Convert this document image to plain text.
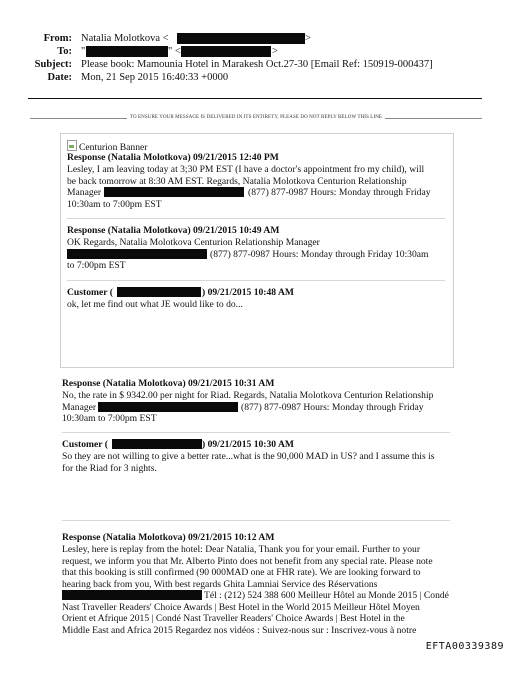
From: Natalia Molotkova <	>
To: "	" <	>
Subject: Please book: Mamounia Hotel in Marakesh Oct.27-30 [Email Ref: 150919-000437]
Date: Mon, 21 Sep 2015 16:40:33 +0000
TO ENSURE YOUR MESSAGE IS DELIVERED IN ITS ENTIRETY, PLEASE DO NOT REPLY BELOW THIS LINE
Centurion Banner
Response (Natalia Molotkova) 09/21/2015 12:40 PM
Lesley, I am leaving today at 3;30 PM EST (I have a doctor's appointment fro my child), will
be back tomorrow at 8:30 AM EST. Regards, Natalia Molotkova Centurion Relationship
Manager	(877) 877-0987 Hours: Monday through Friday
10:30am to 7:00pm EST
Response (Natalia Molotkova) 09/21/2015 10:49 AM
OK Regards, Natalia Molotkova Centurion Relationship Manager
(877) 877-0987 Hours: Monday through Friday 10:30am
to 7:00pm EST
Customer (	) 09/21/2015 10:48 AM
ok, let me find out what JE would like to do...
Response (Natalia Molotkova) 09/21/2015 10:31 AM
No, the rate in $ 9342.00 per night for Riad. Regards, Natalia Molotkova Centurion Relationship
Manager	(877) 877-0987 Hours: Monday through Friday
10:30am to 7:00pm EST
Customer (	) 09/21/2015 10:30 AM
So they are not willing to give a better rate...what is the 90,000 MAD in US? and I assume this is
for the Riad for 3 nights.
Response (Natalia Molotkova) 09/21/2015 10:12 AM
Lesley, here is replay from the hotel: Dear Natalia, Thank you for your email. Further to your
request, we inform you that Mr. Alberto Pinto does not benefit from any special rate. Please note
that this booking is still confirmed (90 000MAD one at FHR rate). We are looking forward to
hearing back from you, With best regards Ghita Lamniai Service des Réservations
Tél : (212) 524 388 600 Meilleur Hôtel au Monde 2015 | Condé
Nast Traveller Readers' Choice Awards | Best Hotel in the World 2015 Meilleur Hôtel Moyen
Orient et Afrique 2015 | Condé Nast Traveller Readers' Choice Awards | Best Hotel in the
Middle East and Africa 2015 Regardez nos vidéos : Suivez-nous sur : Inscrivez-vous à notre
EFTA00339389
